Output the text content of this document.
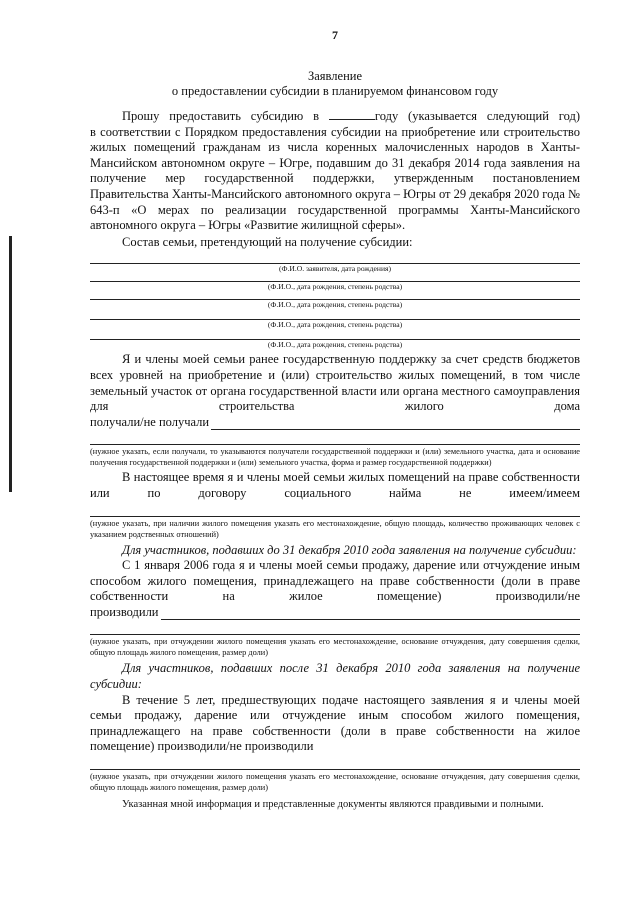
7
Заявление
о предоставлении субсидии в планируемом финансовом году

Прошу предоставить субсидию в	году (указывается следующий год)

в соответствии с Порядком предоставления субсидии на приобретение или строительство жилых помещений гражданам из числа коренных малочисленных народов в Ханты-Мансийском автономном округе – Югре, подавшим до 31 декабря 2014 года заявления на получение мер государственной поддержки, утвержденным постановлением Правительства Ханты-Мансийского автономного округа – Югры от 29 декабря 2020 года № 643-п «О мерах по реализации государственной программы Ханты-Мансийского автономного округа – Югры «Развитие жилищной сферы».

Состав семьи, претендующий на получение субсидии:

(Ф.И.О. заявителя, дата рождения)
(Ф.И.О., дата рождения, степень родства)
(Ф.И.О., дата рождения, степень родства)
(Ф.И.О., дата рождения, степень родства)
(Ф.И.О., дата рождения, степень родства)

Я и члены моей семьи ранее государственную поддержку за счет средств бюджетов всех уровней на приобретение и (или) строительство жилых помещений, в том числе земельный участок от органа государственной власти или органа местного самоуправления для строительства жилого дома

получали/не получали

(нужное указать, если получали, то указываются получатели государственной поддержки и (или) земельного участка, дата и основание получения государственной поддержки и (или) земельного участка, форма и размер государственной поддержки)

В настоящее время я и члены моей семьи жилых помещений на праве собственности или по договору социального найма не имеем/имеем

(нужное указать, при наличии жилого помещения указать его местонахождение, общую площадь, количество проживающих человек с указанием родственных отношений)

Для участников, подавших до 31 декабря 2010 года заявления на получение субсидии:

С 1 января 2006 года я и члены моей семьи продажу, дарение или отчуждение иным способом жилого помещения, принадлежащего на праве собственности (доли в праве собственности на жилое помещение) производили/не

производили

(нужное указать, при отчуждении жилого помещения указать его местонахождение, основание отчуждения, дату совершения сделки, общую площадь жилого помещения, размер доли)

Для участников, подавших после 31 декабря 2010 года заявления на получение субсидии:

В течение 5 лет, предшествующих подаче настоящего заявления я и члены моей семьи продажу, дарение или отчуждение иным способом жилого помещения, принадлежащего на праве собственности (доли в праве собственности на жилое помещение) производили/не производили

(нужное указать, при отчуждении жилого помещения указать его местонахождение, основание отчуждения, дату совершения сделки, общую площадь жилого помещения, размер доли)

Указанная мной информация и представленные документы являются правдивыми и полными.
